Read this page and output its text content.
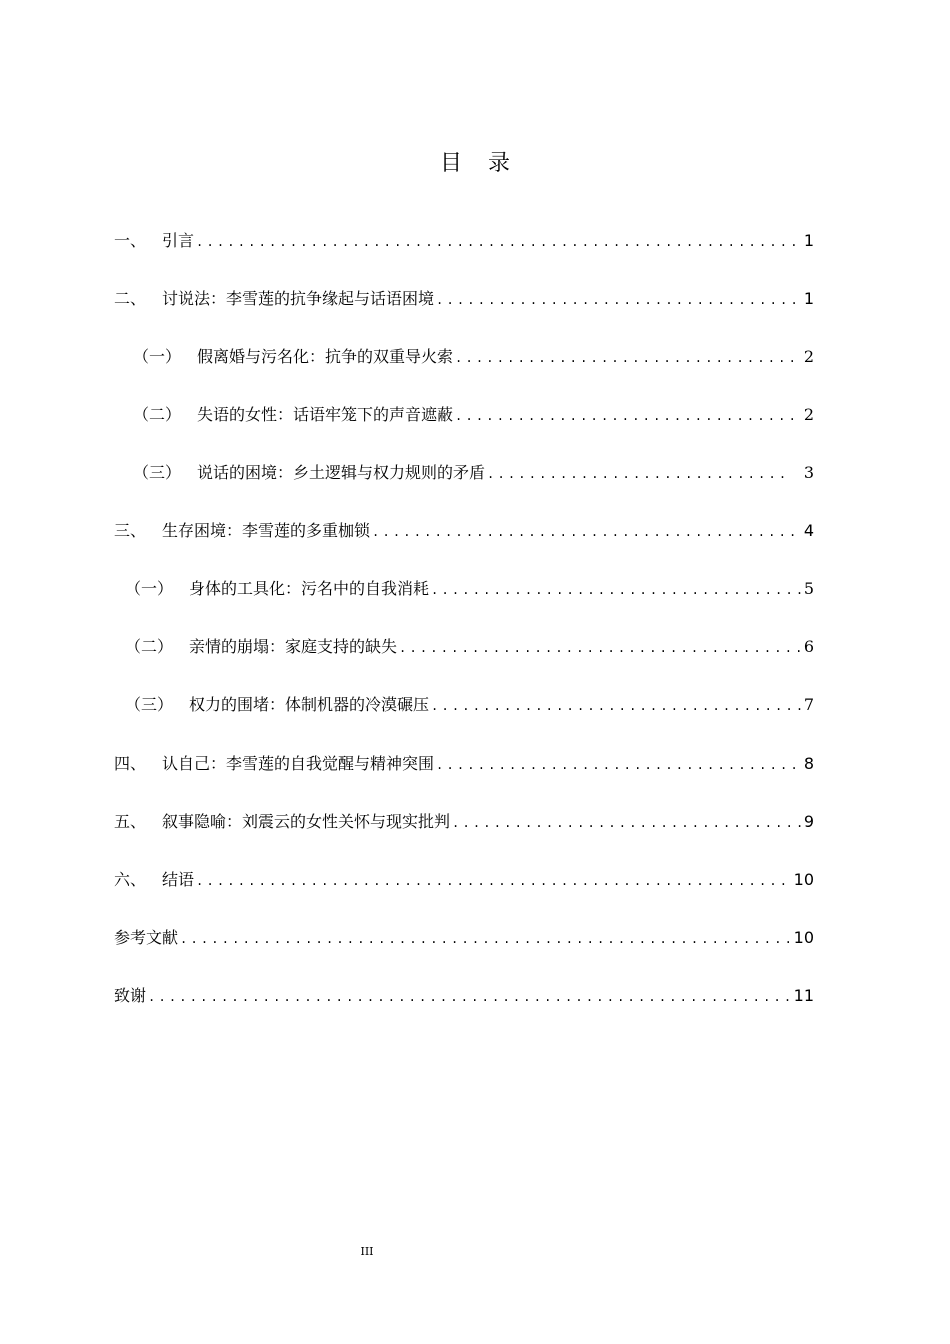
目 录
一、 引言 .....	1
二、 讨说法：李雪莲的抗争缘起与话语困境 .....	1
（一） 假离婚与污名化：抗争的双重导火索 .....	2
（二） 失语的女性：话语牢笼下的声音遮蔽 .....	2
（三） 说话的困境：乡土逻辑与权力规则的矛盾 .....	3
三、 生存困境：李雪莲的多重枷锁 .....	4
（一） 身体的工具化：污名中的自我消耗 .....	5
（二） 亲情的崩塌：家庭支持的缺失 .....	6
（三） 权力的围堵：体制机器的冷漠碾压 .....	7
四、 认自己：李雪莲的自我觉醒与精神突围 .....	8
五、 叙事隐喻：刘震云的女性关怀与现实批判 .....	9
六、 结语 .....	10
参考文献 .....	10
致谢 .....	11
III
